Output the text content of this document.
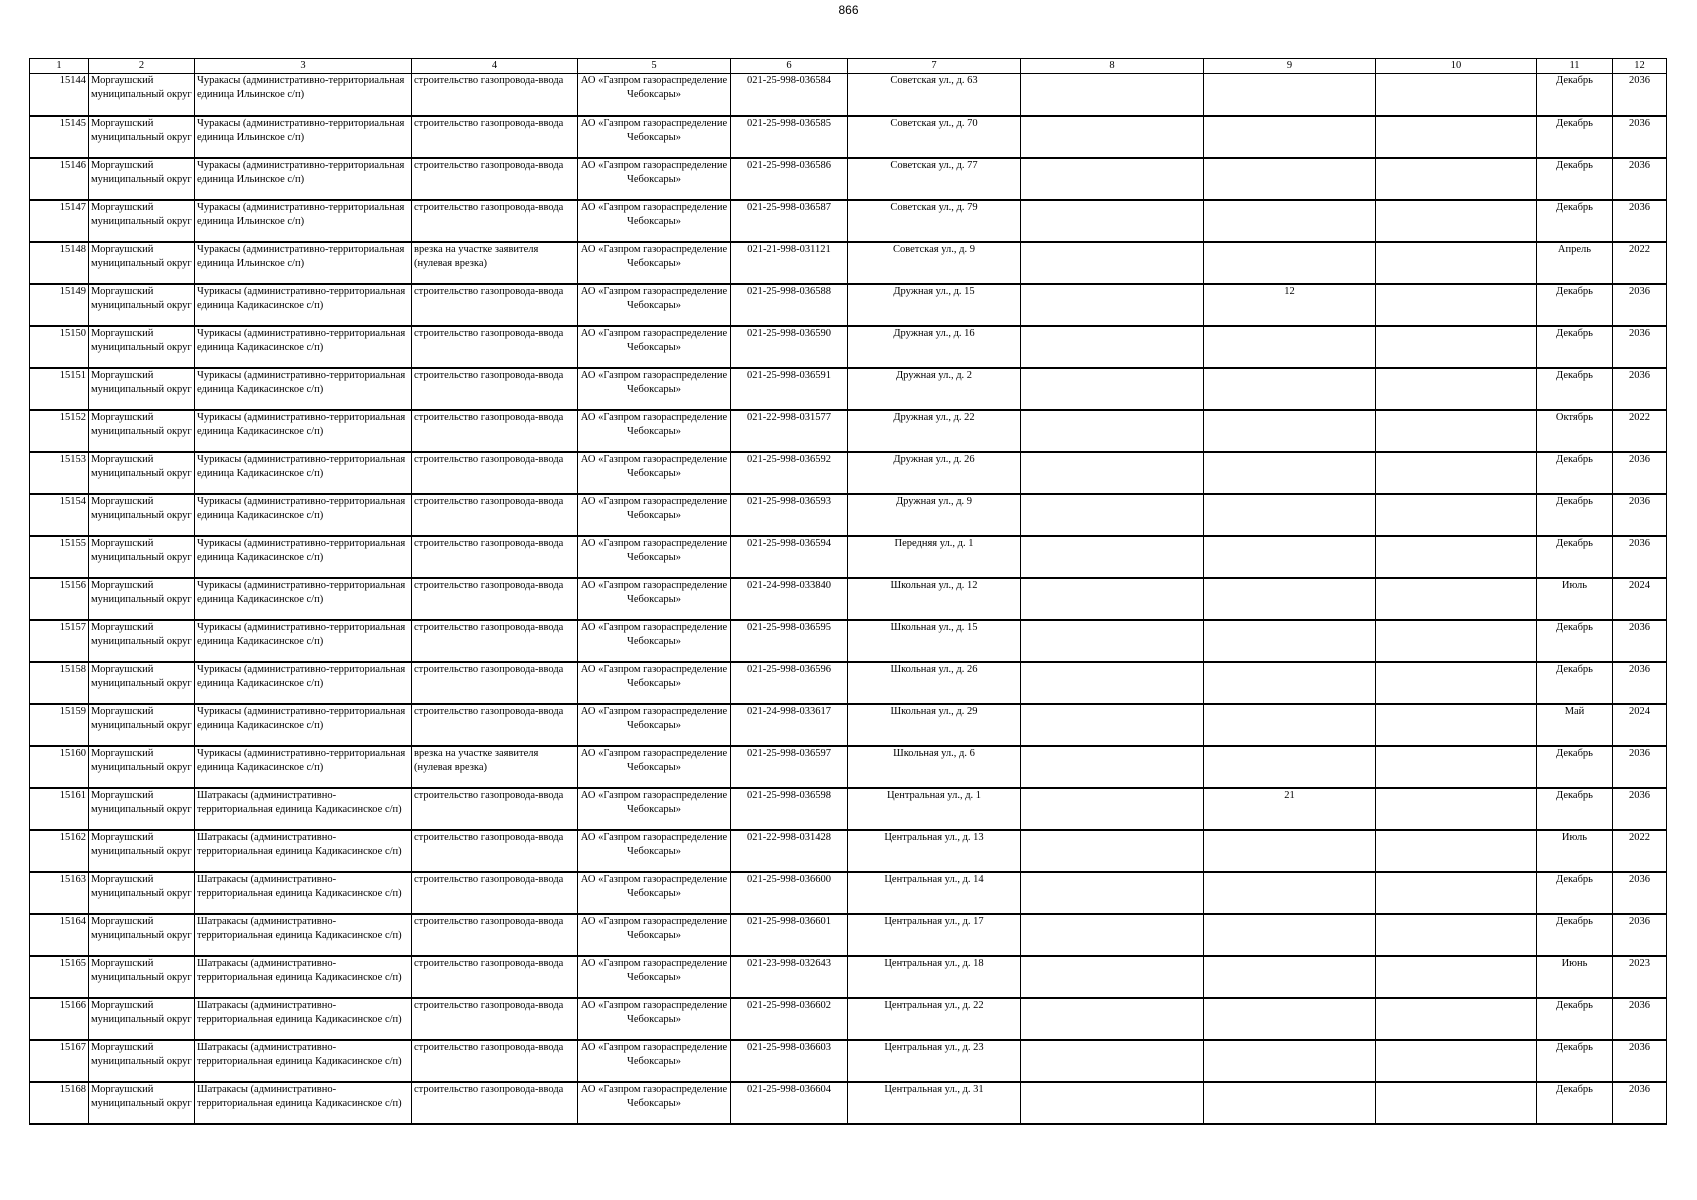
866
1	2	3	4	5	6	7	8	9	10	11	12

15144	Моргаушский муниципальный округ	Чуракасы (административно-территориальная единица Ильинское с/п)	строительство газопровода-ввода	АО «Газпром газораспределение Чебоксары»	021-25-998-036584	Советская ул., д. 63				Декабрь	2036

15145	Моргаушский муниципальный округ	Чуракасы (административно-территориальная единица Ильинское с/п)	строительство газопровода-ввода	АО «Газпром газораспределение Чебоксары»	021-25-998-036585	Советская ул., д. 70				Декабрь	2036

15146	Моргаушский муниципальный округ	Чуракасы (административно-территориальная единица Ильинское с/п)	строительство газопровода-ввода	АО «Газпром газораспределение Чебоксары»	021-25-998-036586	Советская ул., д. 77				Декабрь	2036

15147	Моргаушский муниципальный округ	Чуракасы (административно-территориальная единица Ильинское с/п)	строительство газопровода-ввода	АО «Газпром газораспределение Чебоксары»	021-25-998-036587	Советская ул., д. 79				Декабрь	2036

15148	Моргаушский муниципальный округ	Чуракасы (административно-территориальная единица Ильинское с/п)	врезка на участке заявителя (нулевая врезка)	АО «Газпром газораспределение Чебоксары»	021-21-998-031121	Советская ул., д. 9				Апрель	2022

15149	Моргаушский муниципальный округ	Чурикасы (административно-территориальная единица Кадикасинское с/п)	строительство газопровода-ввода	АО «Газпром газораспределение Чебоксары»	021-25-998-036588	Дружная ул., д. 15		12		Декабрь	2036

15150	Моргаушский муниципальный округ	Чурикасы (административно-территориальная единица Кадикасинское с/п)	строительство газопровода-ввода	АО «Газпром газораспределение Чебоксары»	021-25-998-036590	Дружная ул., д. 16				Декабрь	2036

15151	Моргаушский муниципальный округ	Чурикасы (административно-территориальная единица Кадикасинское с/п)	строительство газопровода-ввода	АО «Газпром газораспределение Чебоксары»	021-25-998-036591	Дружная ул., д. 2				Декабрь	2036

15152	Моргаушский муниципальный округ	Чурикасы (административно-территориальная единица Кадикасинское с/п)	строительство газопровода-ввода	АО «Газпром газораспределение Чебоксары»	021-22-998-031577	Дружная ул., д. 22				Октябрь	2022

15153	Моргаушский муниципальный округ	Чурикасы (административно-территориальная единица Кадикасинское с/п)	строительство газопровода-ввода	АО «Газпром газораспределение Чебоксары»	021-25-998-036592	Дружная ул., д. 26				Декабрь	2036

15154	Моргаушский муниципальный округ	Чурикасы (административно-территориальная единица Кадикасинское с/п)	строительство газопровода-ввода	АО «Газпром газораспределение Чебоксары»	021-25-998-036593	Дружная ул., д. 9				Декабрь	2036

15155	Моргаушский муниципальный округ	Чурикасы (административно-территориальная единица Кадикасинское с/п)	строительство газопровода-ввода	АО «Газпром газораспределение Чебоксары»	021-25-998-036594	Передняя ул., д. 1				Декабрь	2036

15156	Моргаушский муниципальный округ	Чурикасы (административно-территориальная единица Кадикасинское с/п)	строительство газопровода-ввода	АО «Газпром газораспределение Чебоксары»	021-24-998-033840	Школьная ул., д. 12				Июль	2024

15157	Моргаушский муниципальный округ	Чурикасы (административно-территориальная единица Кадикасинское с/п)	строительство газопровода-ввода	АО «Газпром газораспределение Чебоксары»	021-25-998-036595	Школьная ул., д. 15				Декабрь	2036

15158	Моргаушский муниципальный округ	Чурикасы (административно-территориальная единица Кадикасинское с/п)	строительство газопровода-ввода	АО «Газпром газораспределение Чебоксары»	021-25-998-036596	Школьная ул., д. 26				Декабрь	2036

15159	Моргаушский муниципальный округ	Чурикасы (административно-территориальная единица Кадикасинское с/п)	строительство газопровода-ввода	АО «Газпром газораспределение Чебоксары»	021-24-998-033617	Школьная ул., д. 29				Май	2024

15160	Моргаушский муниципальный округ	Чурикасы (административно-территориальная единица Кадикасинское с/п)	врезка на участке заявителя (нулевая врезка)	АО «Газпром газораспределение Чебоксары»	021-25-998-036597	Школьная ул., д. 6				Декабрь	2036

15161	Моргаушский муниципальный округ	Шатракасы (административно-территориальная единица Кадикасинское с/п)	строительство газопровода-ввода	АО «Газпром газораспределение Чебоксары»	021-25-998-036598	Центральная ул., д. 1		21		Декабрь	2036

15162	Моргаушский муниципальный округ	Шатракасы (административно-территориальная единица Кадикасинское с/п)	строительство газопровода-ввода	АО «Газпром газораспределение Чебоксары»	021-22-998-031428	Центральная ул., д. 13				Июль	2022

15163	Моргаушский муниципальный округ	Шатракасы (административно-территориальная единица Кадикасинское с/п)	строительство газопровода-ввода	АО «Газпром газораспределение Чебоксары»	021-25-998-036600	Центральная ул., д. 14				Декабрь	2036

15164	Моргаушский муниципальный округ	Шатракасы (административно-территориальная единица Кадикасинское с/п)	строительство газопровода-ввода	АО «Газпром газораспределение Чебоксары»	021-25-998-036601	Центральная ул., д. 17				Декабрь	2036

15165	Моргаушский муниципальный округ	Шатракасы (административно-территориальная единица Кадикасинское с/п)	строительство газопровода-ввода	АО «Газпром газораспределение Чебоксары»	021-23-998-032643	Центральная ул., д. 18				Июнь	2023

15166	Моргаушский муниципальный округ	Шатракасы (административно-территориальная единица Кадикасинское с/п)	строительство газопровода-ввода	АО «Газпром газораспределение Чебоксары»	021-25-998-036602	Центральная ул., д. 22				Декабрь	2036

15167	Моргаушский муниципальный округ	Шатракасы (административно-территориальная единица Кадикасинское с/п)	строительство газопровода-ввода	АО «Газпром газораспределение Чебоксары»	021-25-998-036603	Центральная ул., д. 23				Декабрь	2036

15168	Моргаушский муниципальный округ	Шатракасы (административно-территориальная единица Кадикасинское с/п)	строительство газопровода-ввода	АО «Газпром газораспределение Чебоксары»	021-25-998-036604	Центральная ул., д. 31				Декабрь	2036
